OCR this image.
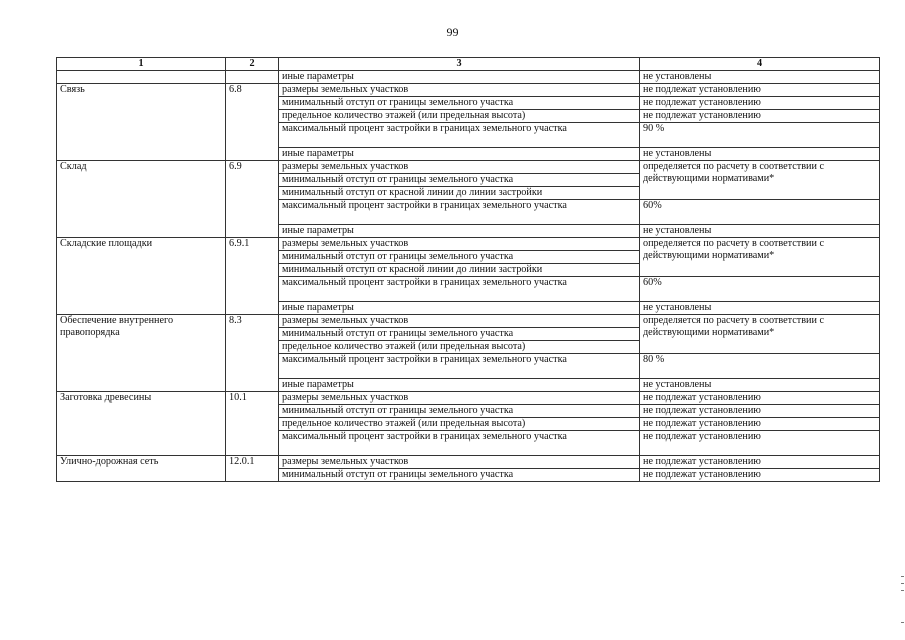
99
1	2	3	4
		иные параметры	не установлены
Связь	6.8	размеры земельных участков	не подлежат установлению
		минимальный отступ от границы земельного участка	не подлежат установлению
		предельное количество этажей (или предельная высота)	не подлежат установлению
		максимальный процент застройки в границах земельного участка	90 %
		иные параметры	не установлены
Склад	6.9	размеры земельных участков	определяется по расчету в соответствии с действующими нормативами*
		минимальный отступ от границы земельного участка	
		минимальный отступ от красной линии до линии застройки	
		максимальный процент застройки в границах земельного участка	60%
		иные параметры	не установлены
Складские площадки	6.9.1	размеры земельных участков	определяется по расчету в соответствии с действующими нормативами*
		минимальный отступ от границы земельного участка	
		минимальный отступ от красной линии до линии застройки	
		максимальный процент застройки в границах земельного участка	60%
		иные параметры	не установлены
Обеспечение внутреннего правопорядка	8.3	размеры земельных участков	определяется по расчету в соответствии с действующими нормативами*
		минимальный отступ от границы земельного участка	
		предельное количество этажей (или предельная высота)	
		максимальный процент застройки в границах земельного участка	80 %
		иные параметры	не установлены
Заготовка древесины	10.1	размеры земельных участков	не подлежат установлению
		минимальный отступ от границы земельного участка	не подлежат установлению
		предельное количество этажей (или предельная высота)	не подлежат установлению
		максимальный процент застройки в границах земельного участка	не подлежат установлению
Улично-дорожная сеть	12.0.1	размеры земельных участков	не подлежат установлению
		минимальный отступ от границы земельного участка	не подлежат установлению
